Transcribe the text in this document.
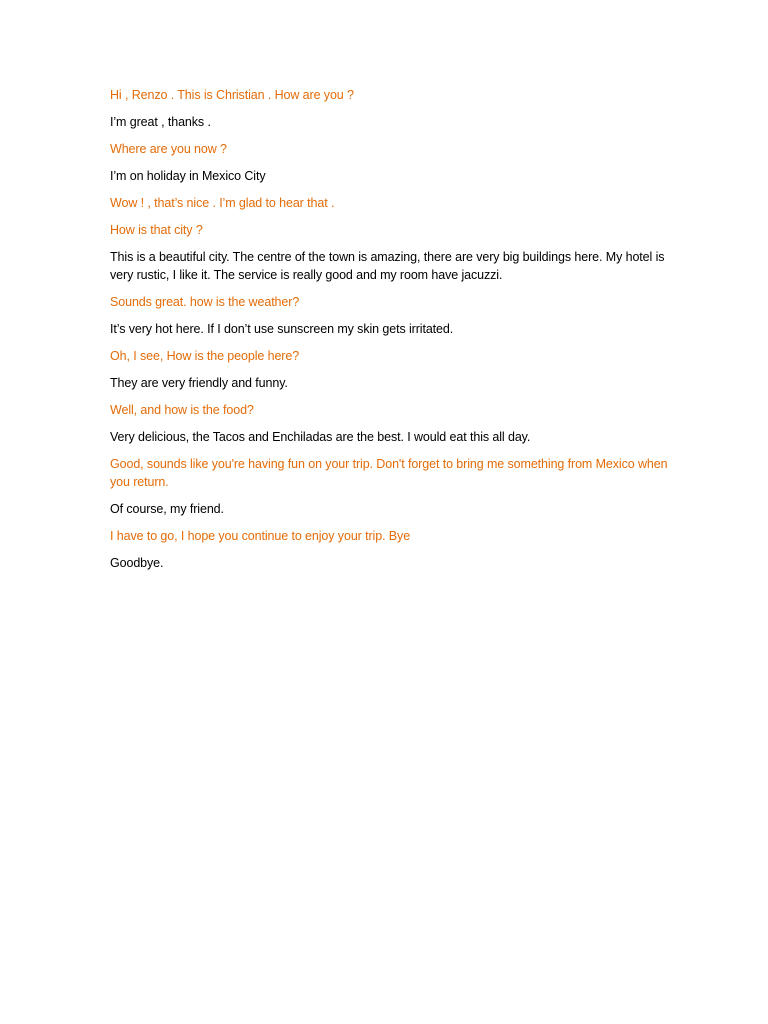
Hi , Renzo . This is Christian . How are you ?

I’m great , thanks .

Where are you now ?

I’m on holiday in Mexico City

Wow ! , that’s nice . I’m glad to hear that .

How is that city ?

This is a beautiful city. The centre of the town is amazing, there are very big buildings here. My hotel is very rustic, I like it. The service is really good and my room have jacuzzi.

Sounds great. how is the weather?

It’s very hot here. If I don’t use sunscreen my skin gets irritated.

Oh, I see, How is the people here?

They are very friendly and funny.

Well, and how is the food?

Very delicious, the Tacos and Enchiladas are the best. I would eat this all day.

Good, sounds like you're having fun on your trip. Don't forget to bring me something from Mexico when you return.

Of course, my friend.

I have to go, I hope you continue to enjoy your trip. Bye

Goodbye.
